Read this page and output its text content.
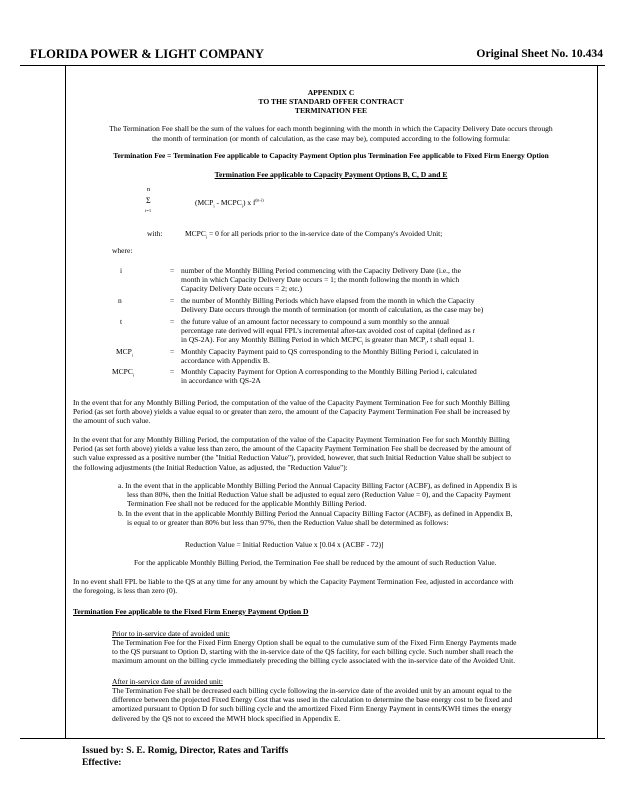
FLORIDA POWER & LIGHT COMPANY	Original Sheet No. 10.434
APPENDIX C
TO THE STANDARD OFFER CONTRACT
TERMINATION FEE
The Termination Fee shall be the sum of the values for each month beginning with the month in which the Capacity Delivery Date occurs through
the month of termination (or month of calculation, as the case may be), computed according to the following formula:
Termination Fee = Termination Fee applicable to Capacity Payment Option plus Termination Fee applicable to Fixed Firm Energy Option
Termination Fee applicable to Capacity Payment Options B, C, D and E
n
Σ
i=1
($MCP_i$ - $MCPC_i$) x $f^{(n-i)}$
with:	$MCPC_i = 0$ for all periods prior to the in-service date of the Company's Avoided Unit;
where:
i	= number of the Monthly Billing Period commencing with the Capacity Delivery Date (i.e., the
month in which Capacity Delivery Date occurs = 1; the month following the month in which
Capacity Delivery Date occurs = 2; etc.)
n	= the number of Monthly Billing Periods which have elapsed from the month in which the Capacity
Delivery Date occurs through the month of termination (or month of calculation, as the case may be)
t	= the future value of an amount factor necessary to compound a sum monthly so the annual
percentage rate derived will equal FPL's incremental after-tax avoided cost of capital (defined as r
in QS-2A). For any Monthly Billing Period in which $MCPC_i$ is greater than $MCP_i$, t shall equal 1.
$MCP_i$	= Monthly Capacity Payment paid to QS corresponding to the Monthly Billing Period i, calculated in
accordance with Appendix B.
$MCPC_i$	= Monthly Capacity Payment for Option A corresponding to the Monthly Billing Period i, calculated
in accordance with QS-2A
In the event that for any Monthly Billing Period, the computation of the value of the Capacity Payment Termination Fee for such Monthly Billing
Period (as set forth above) yields a value equal to or greater than zero, the amount of the Capacity Payment Termination Fee shall be increased by
the amount of such value.
In the event that for any Monthly Billing Period, the computation of the value of the Capacity Payment Termination Fee for such Monthly Billing
Period (as set forth above) yields a value less than zero, the amount of the Capacity Payment Termination Fee shall be decreased by the amount of
such value expressed as a positive number (the "Initial Reduction Value"), provided, however, that such Initial Reduction Value shall be subject to
the following adjustments (the Initial Reduction Value, as adjusted, the "Reduction Value"):
a. In the event that in the applicable Monthly Billing Period the Annual Capacity Billing Factor (ACBF), as defined in Appendix B is
less than 80%, then the Initial Reduction Value shall be adjusted to equal zero (Reduction Value = 0), and the Capacity Payment
Termination Fee shall not be reduced for the applicable Monthly Billing Period.
b. In the event that in the applicable Monthly Billing Period the Annual Capacity Billing Factor (ACBF), as defined in Appendix B,
is equal to or greater than 80% but less than 97%, then the Reduction Value shall be determined as follows:
Reduction Value = Initial Reduction Value x [0.04 x (ACBF - 72)]
For the applicable Monthly Billing Period, the Termination Fee shall be reduced by the amount of such Reduction Value.
In no event shall FPL be liable to the QS at any time for any amount by which the Capacity Payment Termination Fee, adjusted in accordance with
the foregoing, is less than zero (0).
Termination Fee applicable to the Fixed Firm Energy Payment Option D
Prior to in-service date of avoided unit:
The Termination Fee for the Fixed Firm Energy Option shall be equal to the cumulative sum of the Fixed Firm Energy Payments made
to the QS pursuant to Option D, starting with the in-service date of the QS facility, for each billing cycle. Such number shall reach the
maximum amount on the billing cycle immediately preceding the billing cycle associated with the in-service date of the Avoided Unit.
After in-service date of avoided unit:
The Termination Fee shall be decreased each billing cycle following the in-service date of the avoided unit by an amount equal to the
difference between the projected Fixed Energy Cost that was used in the calculation to determine the base energy cost to be fixed and
amortized pursuant to Option D for such billing cycle and the amortized Fixed Firm Energy Payment in cents/KWH times the energy
delivered by the QS not to exceed the MWH block specified in Appendix E.
Issued by: S. E. Romig, Director, Rates and Tariffs
Effective:
